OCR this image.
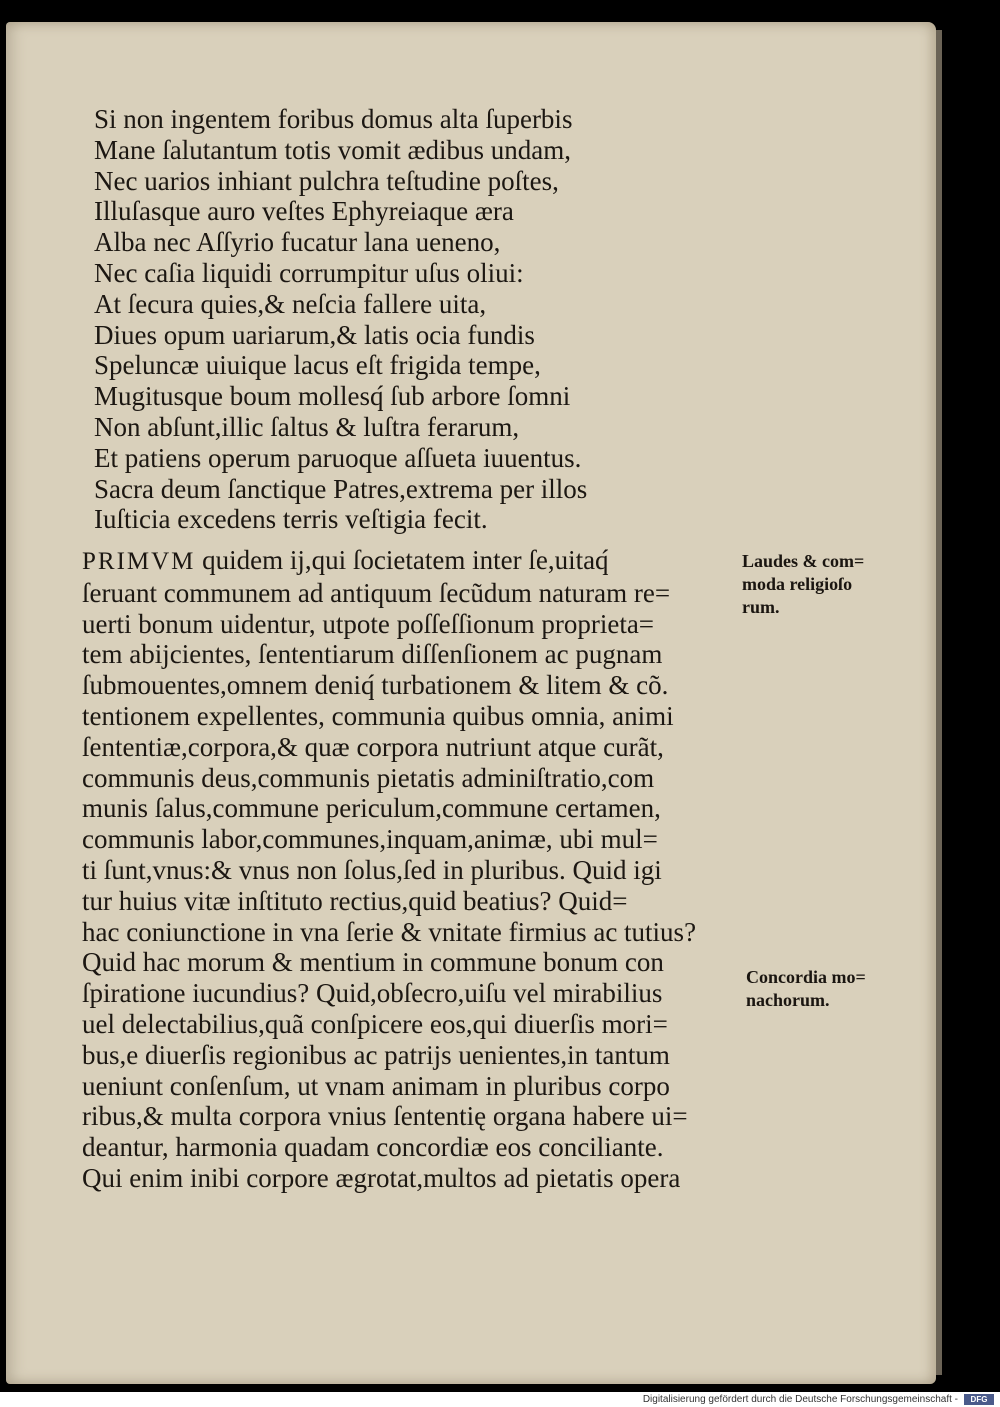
Si non ingentem foribus domus alta ſuperbis
Mane ſalutantum totis vomit ædibus undam,
Nec uarios inhiant pulchra teſtudine poſtes,
Illuſasque auro veſtes Ephyreiaque æra
Alba nec Aſſyrio fucatur lana ueneno,
Nec caſia liquidi corrumpitur uſus oliui:
At ſecura quies,& neſcia fallere uita,
Diues opum uariarum,& latis ocia fundis
Speluncæ uiuique lacus eſt frigida tempe,
Mugitusque boum mollesq́ ſub arbore ſomni
Non abſunt,illic ſaltus & luſtra ferarum,
Et patiens operum paruoque aſſueta iuuentus.
Sacra deum ſanctique Patres,extrema per illos
Iuſticia excedens terris veſtigia fecit.
PRIMVM quidem ij,qui ſocietatem inter ſe,uitaq́
ſeruant communem ad antiquum ſecũdum naturam re=
uerti bonum uidentur, utpote poſſeſſionum proprieta=
tem abijcientes, ſententiarum diſſenſionem ac pugnam
ſubmouentes,omnem deniq́ turbationem & litem & cõ.
tentionem expellentes, communia quibus omnia, animi
ſententiæ,corpora,& quæ corpora nutriunt atque curãt,
communis deus,communis pietatis adminiſtratio,com
munis ſalus,commune periculum,commune certamen,
communis labor,communes,inquam,animæ, ubi mul=
ti ſunt,vnus:& vnus non ſolus,ſed in pluribus. Quid igi
tur huius vitæ inſtituto rectius,quid beatius? Quid=
hac coniunctione in vna ſerie & vnitate firmius ac tutius?
Quid hac morum & mentium in commune bonum con
ſpiratione iucundius? Quid,obſecro,uiſu vel mirabilius
uel delectabilius,quã conſpicere eos,qui diuerſis mori=
bus,e diuerſis regionibus ac patrijs uenientes,in tantum
ueniunt conſenſum, ut vnam animam in pluribus corpo
ribus,& multa corpora vnius ſententię organa habere ui=
deantur, harmonia quadam concordiæ eos conciliante.
Qui enim inibi corpore ægrotat,multos ad pietatis opera
Laudes & com=
moda religioſo
rum.
Concordia mo=
nachorum.
Digitalisierung gefördert durch die Deutsche Forschungsgemeinschaft -	DFG
